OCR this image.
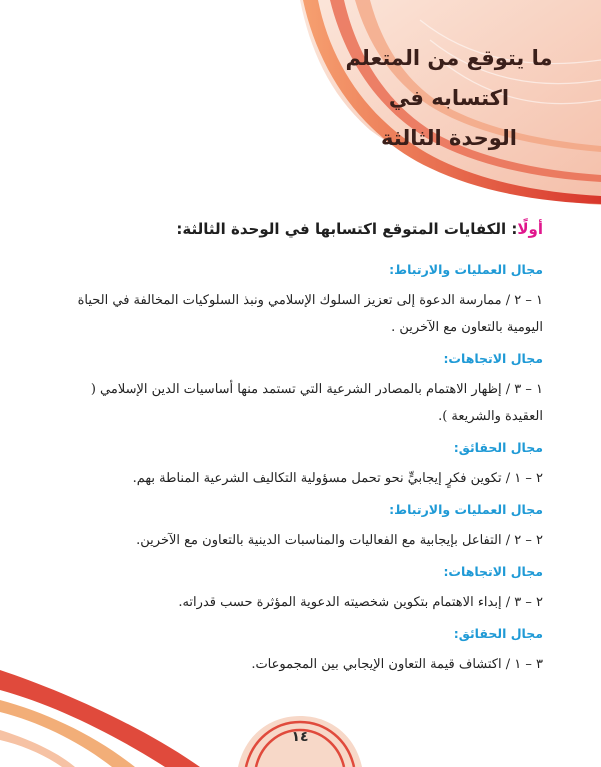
ما يتوقع من المتعلم
اكتسابه في
الوحدة الثالثة
أولًا: الكفايات المتوقع اكتسابها في الوحدة الثالثة:
مجال العمليات والارتباط:
١ – ٢ / ممارسة الدعوة إلى تعزيز السلوك الإسلامي ونبذ السلوكيات المخالفة في الحياة اليومية بالتعاون مع الآخرين .
مجال الاتجاهات:
١ – ٣ / إظهار الاهتمام بالمصادر الشرعية التي تستمد منها أساسيات الدين الإسلامي ( العقيدة والشريعة ).
مجال الحقائق:
٢ – ١ / تكوين فكرٍ إيجابيٍّ نحو تحمل مسؤولية التكاليف الشرعية المناطة بهم.
مجال العمليات والارتباط:
٢ – ٢ / التفاعل بإيجابية مع الفعاليات والمناسبات الدينية بالتعاون مع الآخرين.
مجال الاتجاهات:
٢ – ٣ / إبداء الاهتمام بتكوين شخصيته الدعوية المؤثرة حسب قدراته.
مجال الحقائق:
٣ – ١ / اكتشاف قيمة التعاون الإيجابي بين المجموعات.
١٤
